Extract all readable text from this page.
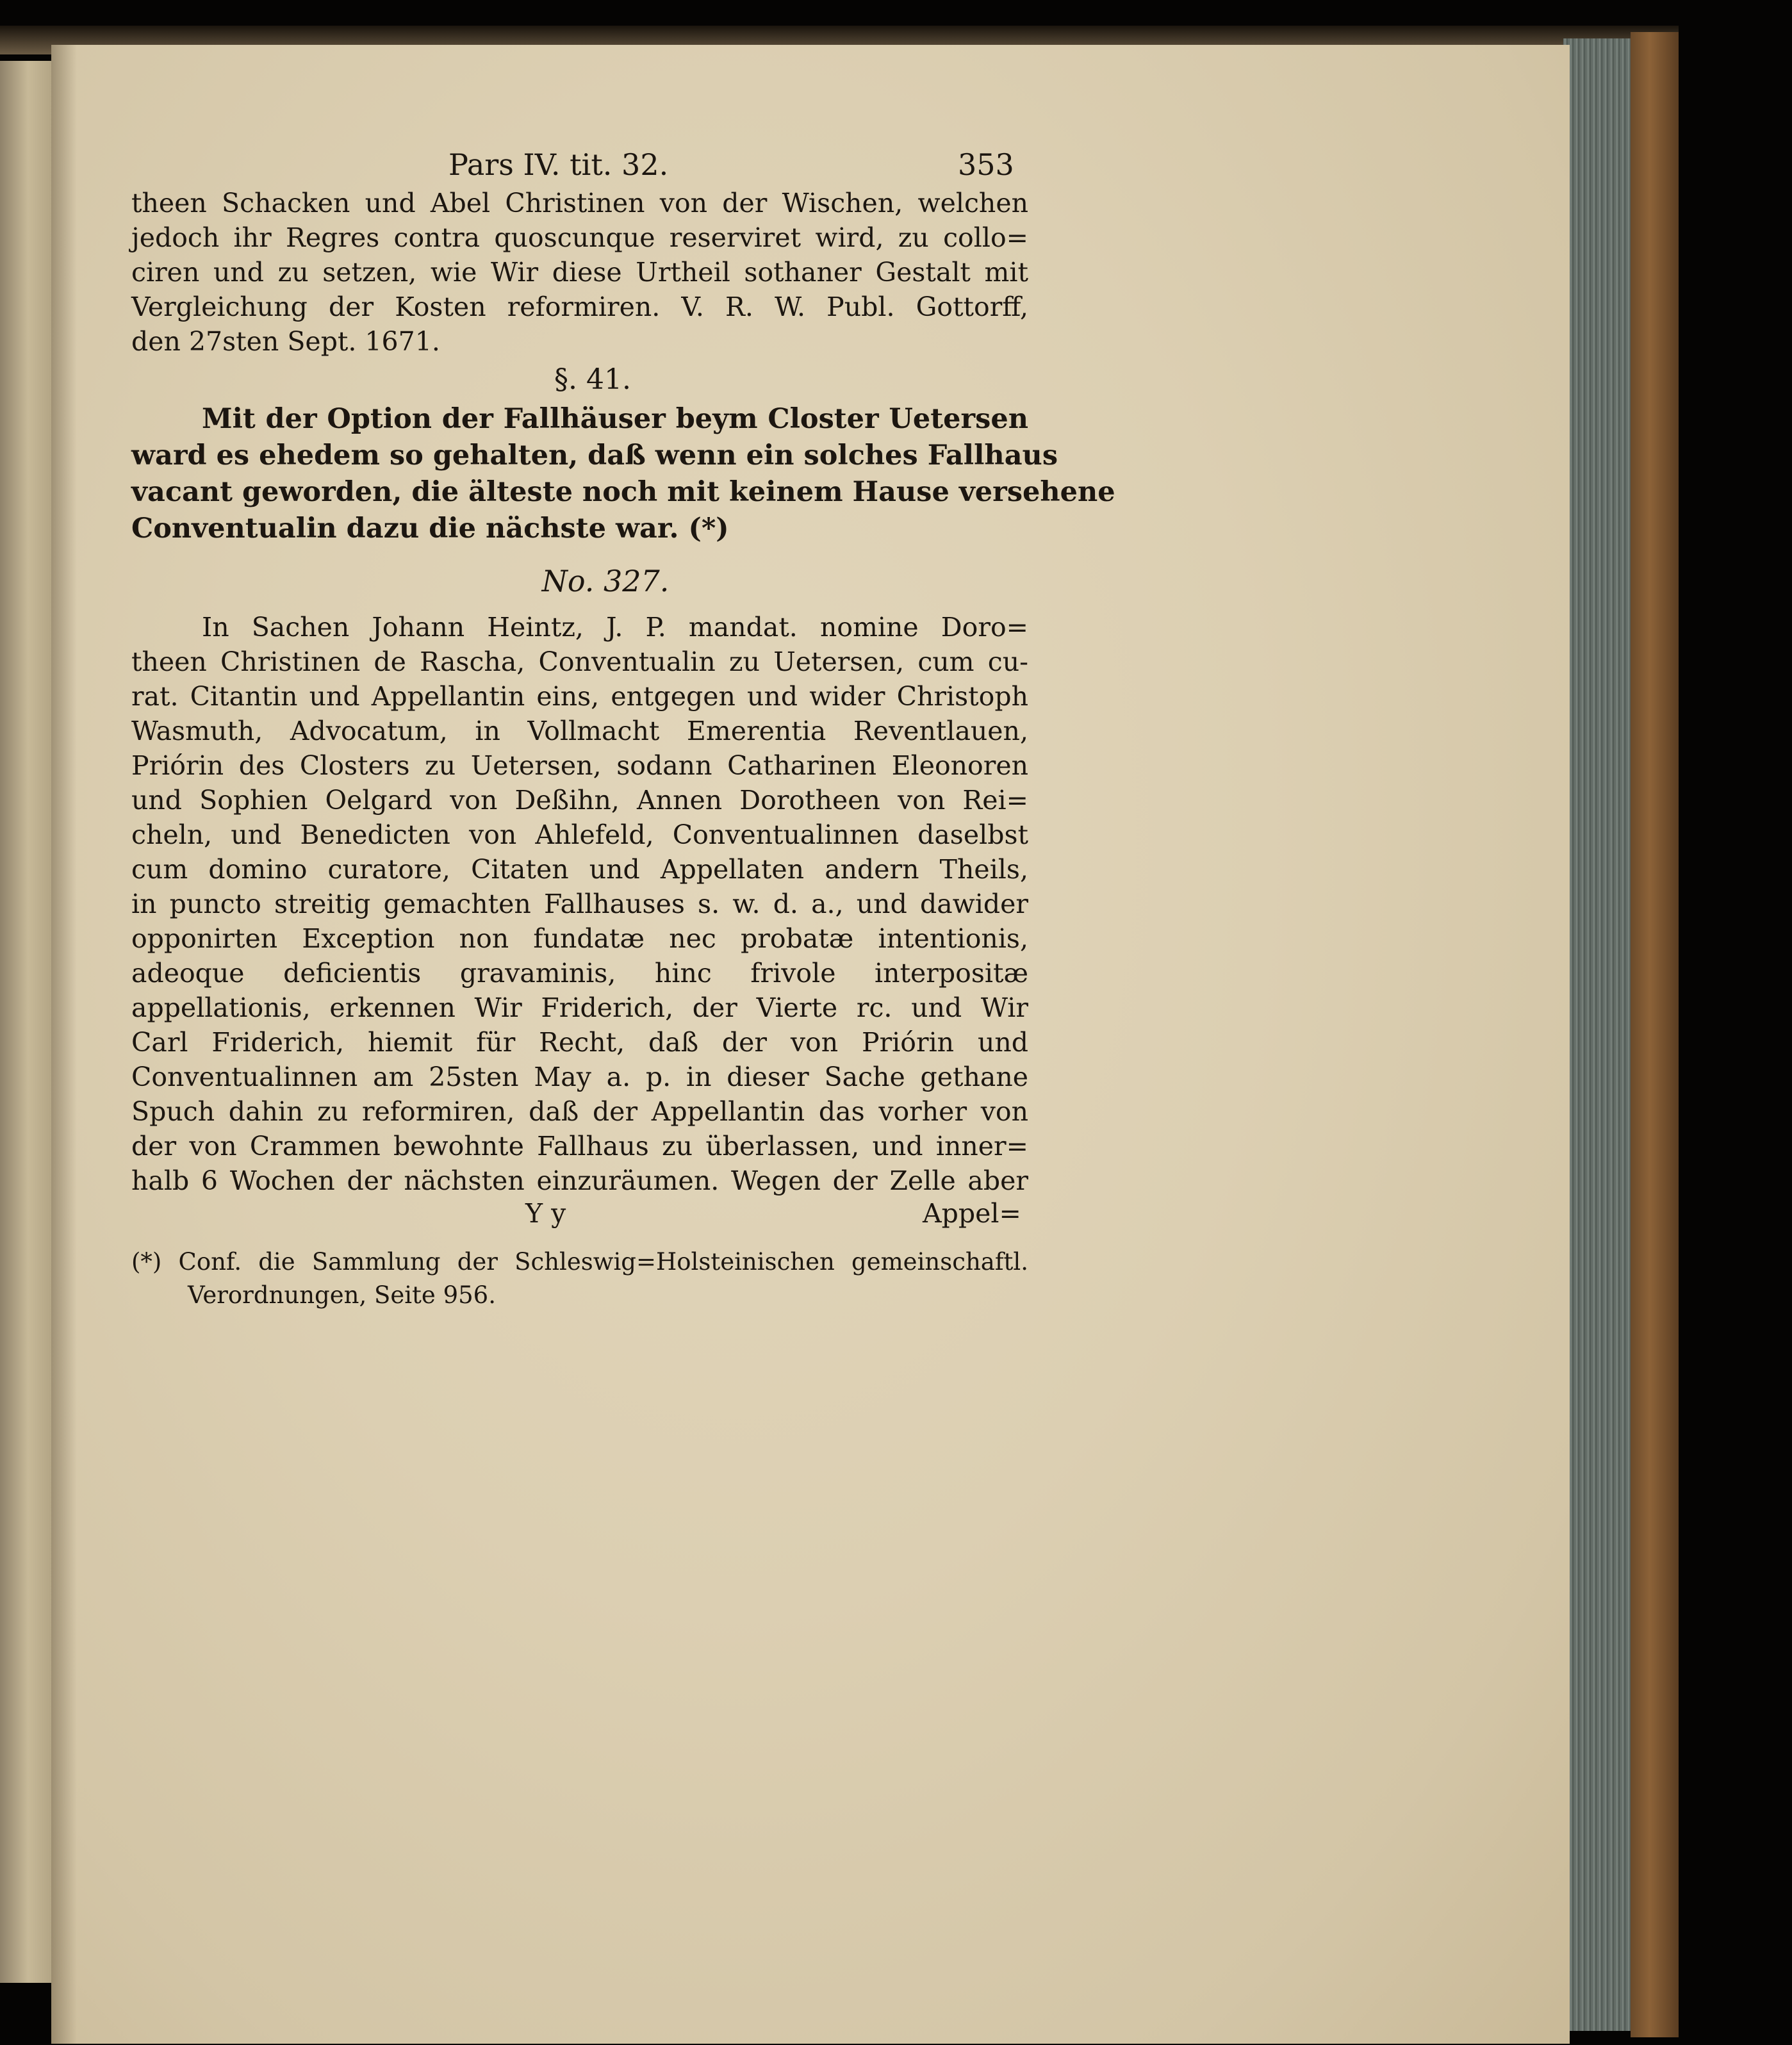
Pars IV. tit. 32.	353
theen Schacken und Abel Christinen von der Wischen, welchen
jedoch ihr Regres contra quoscunque reserviret wird, zu collo=
ciren und zu setzen, wie Wir diese Urtheil sothaner Gestalt mit
Vergleichung der Kosten reformiren. V. R. W. Publ. Gottorff,
den 27sten Sept. 1671.
§. 41.
Mit der Option der Fallhäuser beym Closter Uetersen
ward es ehedem so gehalten, daß wenn ein solches Fallhaus
vacant geworden, die älteste noch mit keinem Hause versehene
Conventualin dazu die nächste war. (*)
No. 327.
In Sachen Johann Heintz, J. P. mandat. nomine Doro=
theen Christinen de Rascha, Conventualin zu Uetersen, cum cu-
rat. Citantin und Appellantin eins, entgegen und wider Christoph
Wasmuth, Advocatum, in Vollmacht Emerentia Reventlauen,
Priórin des Closters zu Uetersen, sodann Catharinen Eleonoren
und Sophien Oelgard von Deßihn, Annen Dorotheen von Rei=
cheln, und Benedicten von Ahlefeld, Conventualinnen daselbst
cum domino curatore, Citaten und Appellaten andern Theils,
in puncto streitig gemachten Fallhauses s. w. d. a., und dawider
opponirten Exception non fundatæ nec probatæ intentionis,
adeoque deficientis gravaminis, hinc frivole interpositæ
appellationis, erkennen Wir Friderich, der Vierte rc. und Wir
Carl Friderich, hiemit für Recht, daß der von Priórin und
Conventualinnen am 25sten May a. p. in dieser Sache gethane
Spuch dahin zu reformiren, daß der Appellantin das vorher von
der von Crammen bewohnte Fallhaus zu überlassen, und inner=
halb 6 Wochen der nächsten einzuräumen. Wegen der Zelle aber
Y y	Appel=
(*) Conf. die Sammlung der Schleswig=Holsteinischen gemeinschaftl.
Verordnungen, Seite 956.
